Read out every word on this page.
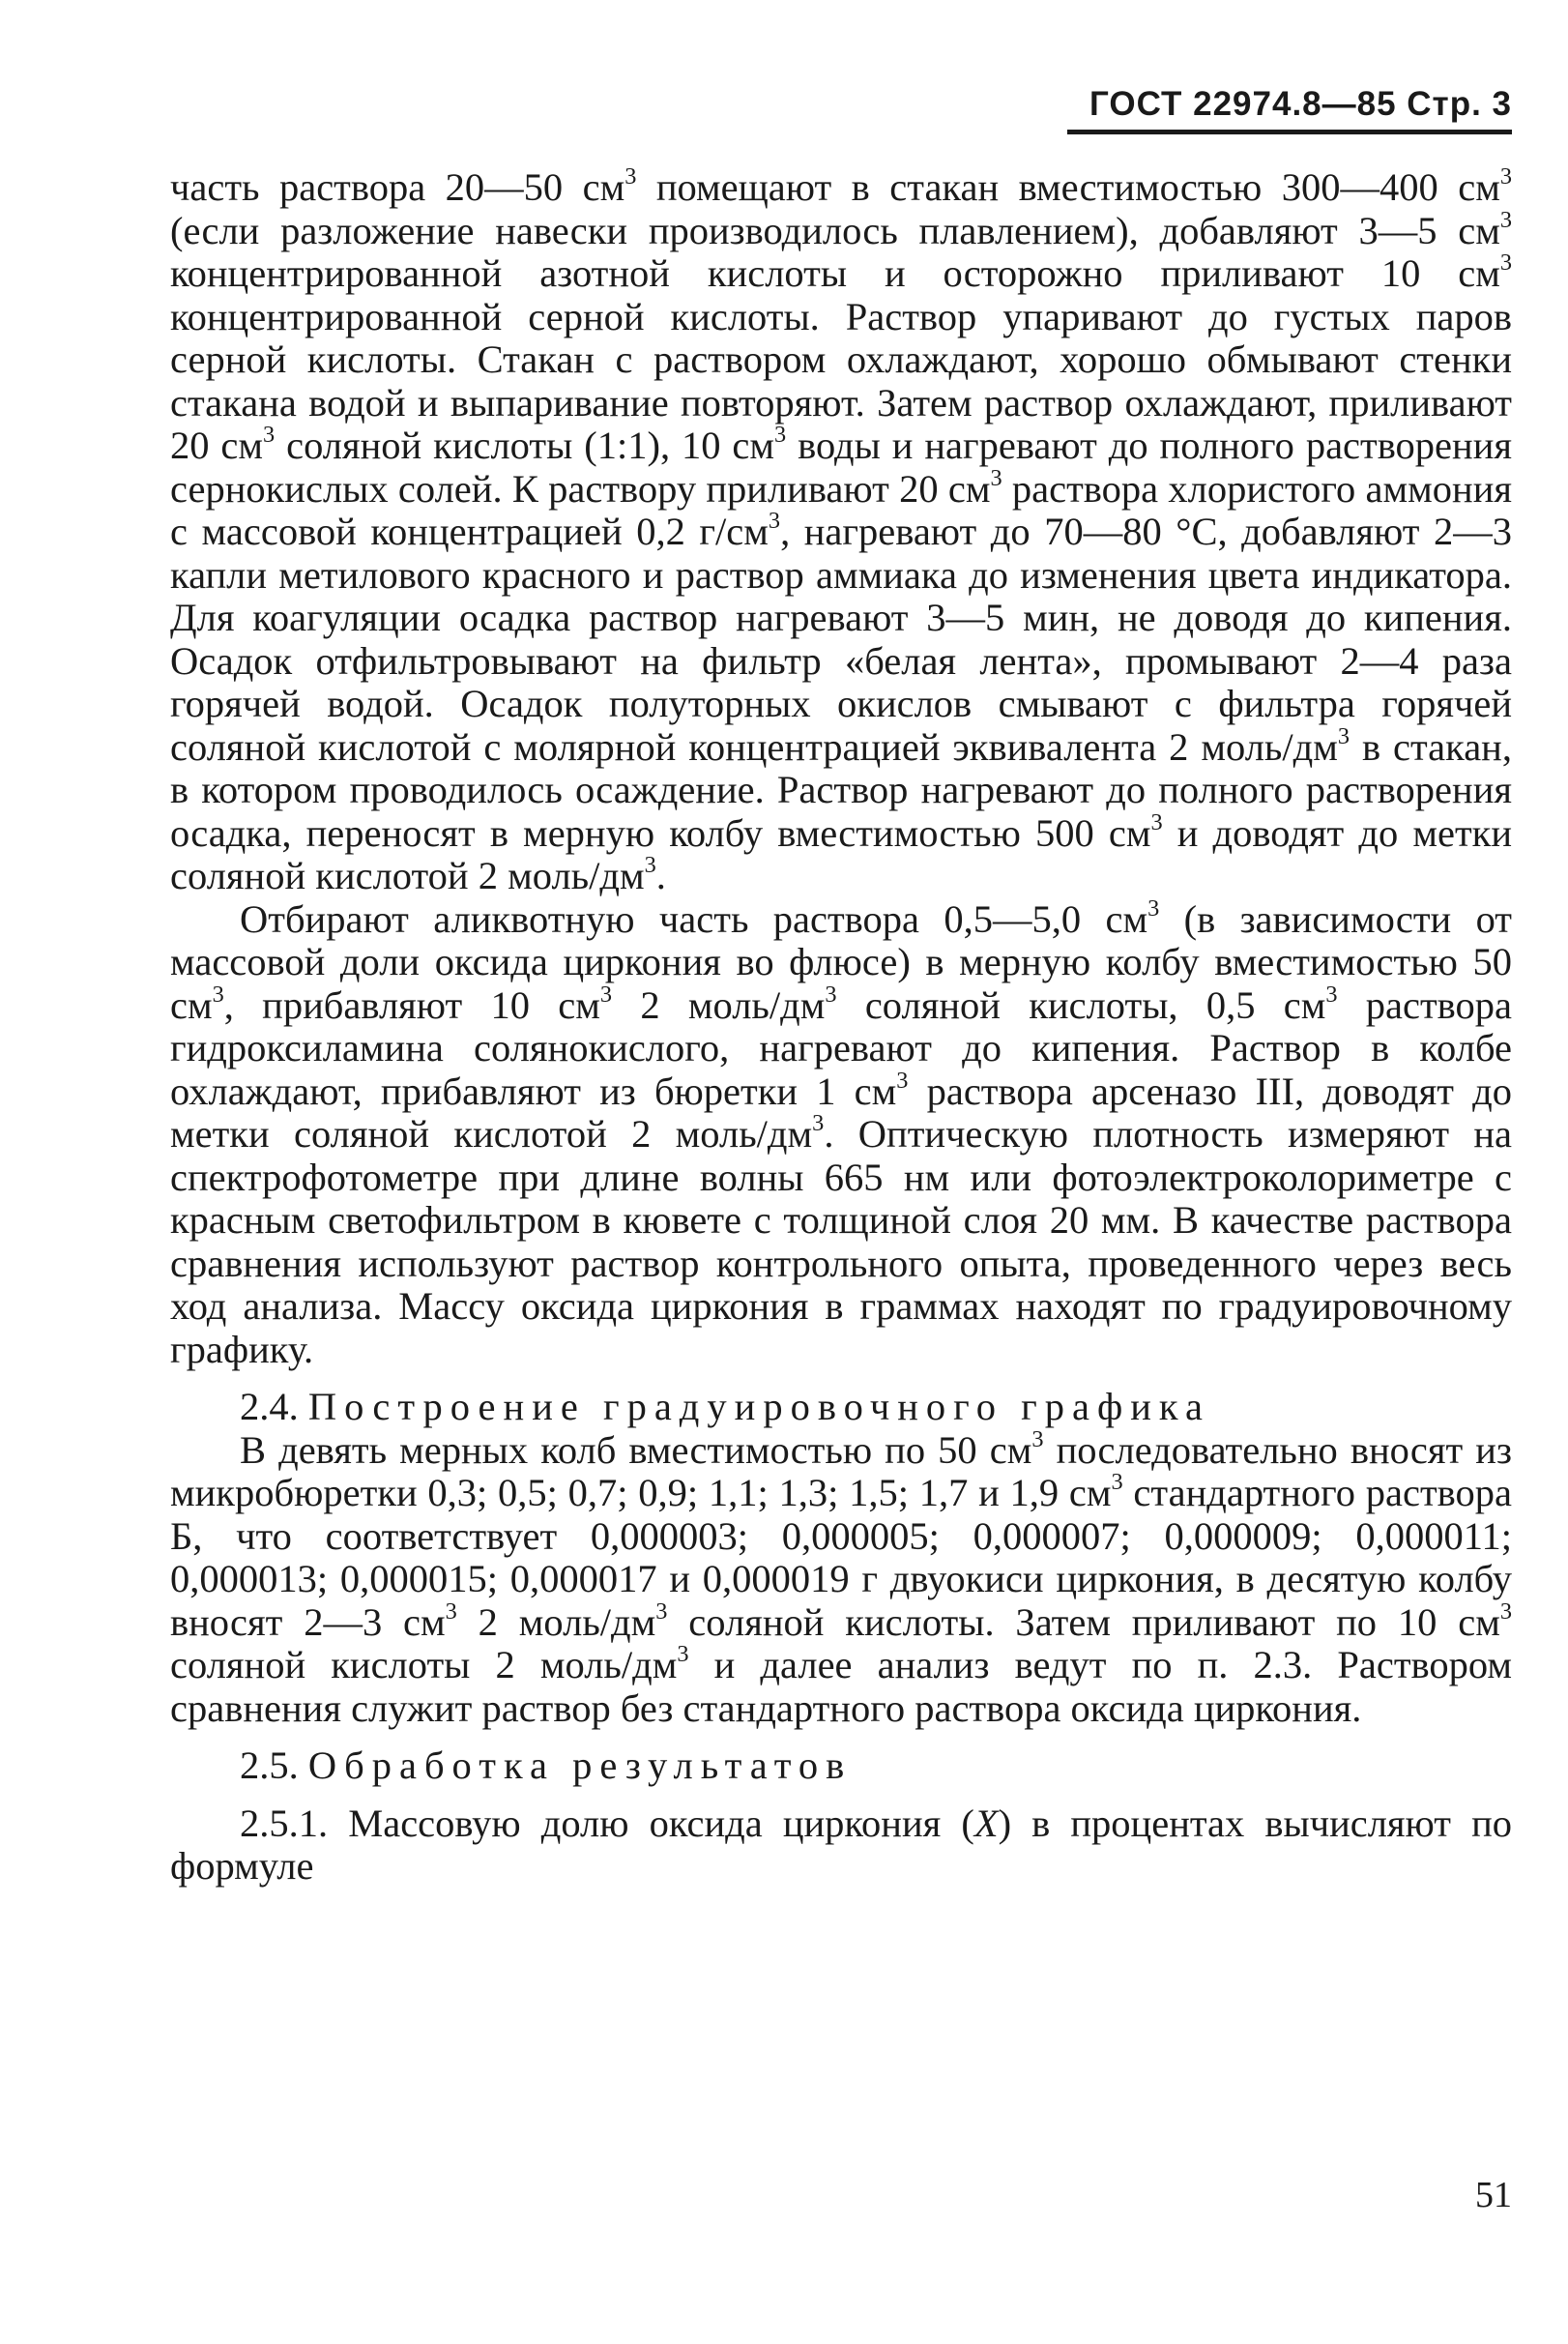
ГОСТ 22974.8—85 Стр. 3

часть раствора 20—50 $см^3$ помещают в стакан вместимостью 300—400 $см^3$ (если разложение навески производилось плавлением), добавляют 3—5 $см^3$ концентрированной азотной кислоты и осторожно приливают 10 $см^3$ концентрированной серной кислоты. Раствор упаривают до густых паров серной кислоты. Стакан с раствором охлаждают, хорошо обмывают стенки стакана водой и выпаривание повторяют. Затем раствор охлаждают, приливают 20 $см^3$ соляной кислоты (1:1), 10 $см^3$ воды и нагревают до полного растворения сернокислых солей. К раствору приливают 20 $см^3$ раствора хлористого аммония с массовой концентрацией 0,2 $г/см^3$, нагревают до 70—80 °С, добавляют 2—3 капли метилового красного и раствор аммиака до изменения цвета индикатора. Для коагуляции осадка раствор нагревают 3—5 мин, не доводя до кипения. Осадок отфильтровывают на фильтр «белая лента», промывают 2—4 раза горячей водой. Осадок полуторных окислов смывают с фильтра горячей соляной кислотой с молярной концентрацией эквивалента 2 моль/$дм^3$ в стакан, в котором проводилось осаждение. Раствор нагревают до полного растворения осадка, переносят в мерную колбу вместимостью 500 $см^3$ и доводят до метки соляной кислотой 2 моль/$дм^3$.

Отбирают аликвотную часть раствора 0,5—5,0 $см^3$ (в зависимости от массовой доли оксида циркония во флюсе) в мерную колбу вместимостью 50 $см^3$, прибавляют 10 $см^3$ 2 моль/$дм^3$ соляной кислоты, 0,5 $см^3$ раствора гидроксиламина солянокислого, нагревают до кипения. Раствор в колбе охлаждают, прибавляют из бюретки 1 $см^3$ раствора арсеназо III, доводят до метки соляной кислотой 2 моль/$дм^3$. Оптическую плотность измеряют на спектрофотометре при длине волны 665 нм или фотоэлектроколориметре с красным светофильтром в кювете с толщиной слоя 20 мм. В качестве раствора сравнения используют раствор контрольного опыта, проведенного через весь ход анализа. Массу оксида циркония в граммах находят по градуировочному графику.

2.4. Построение градуировочного графика

В девять мерных колб вместимостью по 50 $см^3$ последовательно вносят из микробюретки 0,3; 0,5; 0,7; 0,9; 1,1; 1,3; 1,5; 1,7 и 1,9 $см^3$ стандартного раствора Б, что соответствует 0,000003; 0,000005; 0,000007; 0,000009; 0,000011; 0,000013; 0,000015; 0,000017 и 0,000019 г двуокиси циркония, в десятую колбу вносят 2—3 $см^3$ 2 моль/$дм^3$ соляной кислоты. Затем приливают по 10 $см^3$ соляной кислоты 2 моль/$дм^3$ и далее анализ ведут по п. 2.3. Раствором сравнения служит раствор без стандартного раствора оксида циркония.

2.5. Обработка результатов

2.5.1. Массовую долю оксида циркония (X) в процентах вычисляют по формуле

51
